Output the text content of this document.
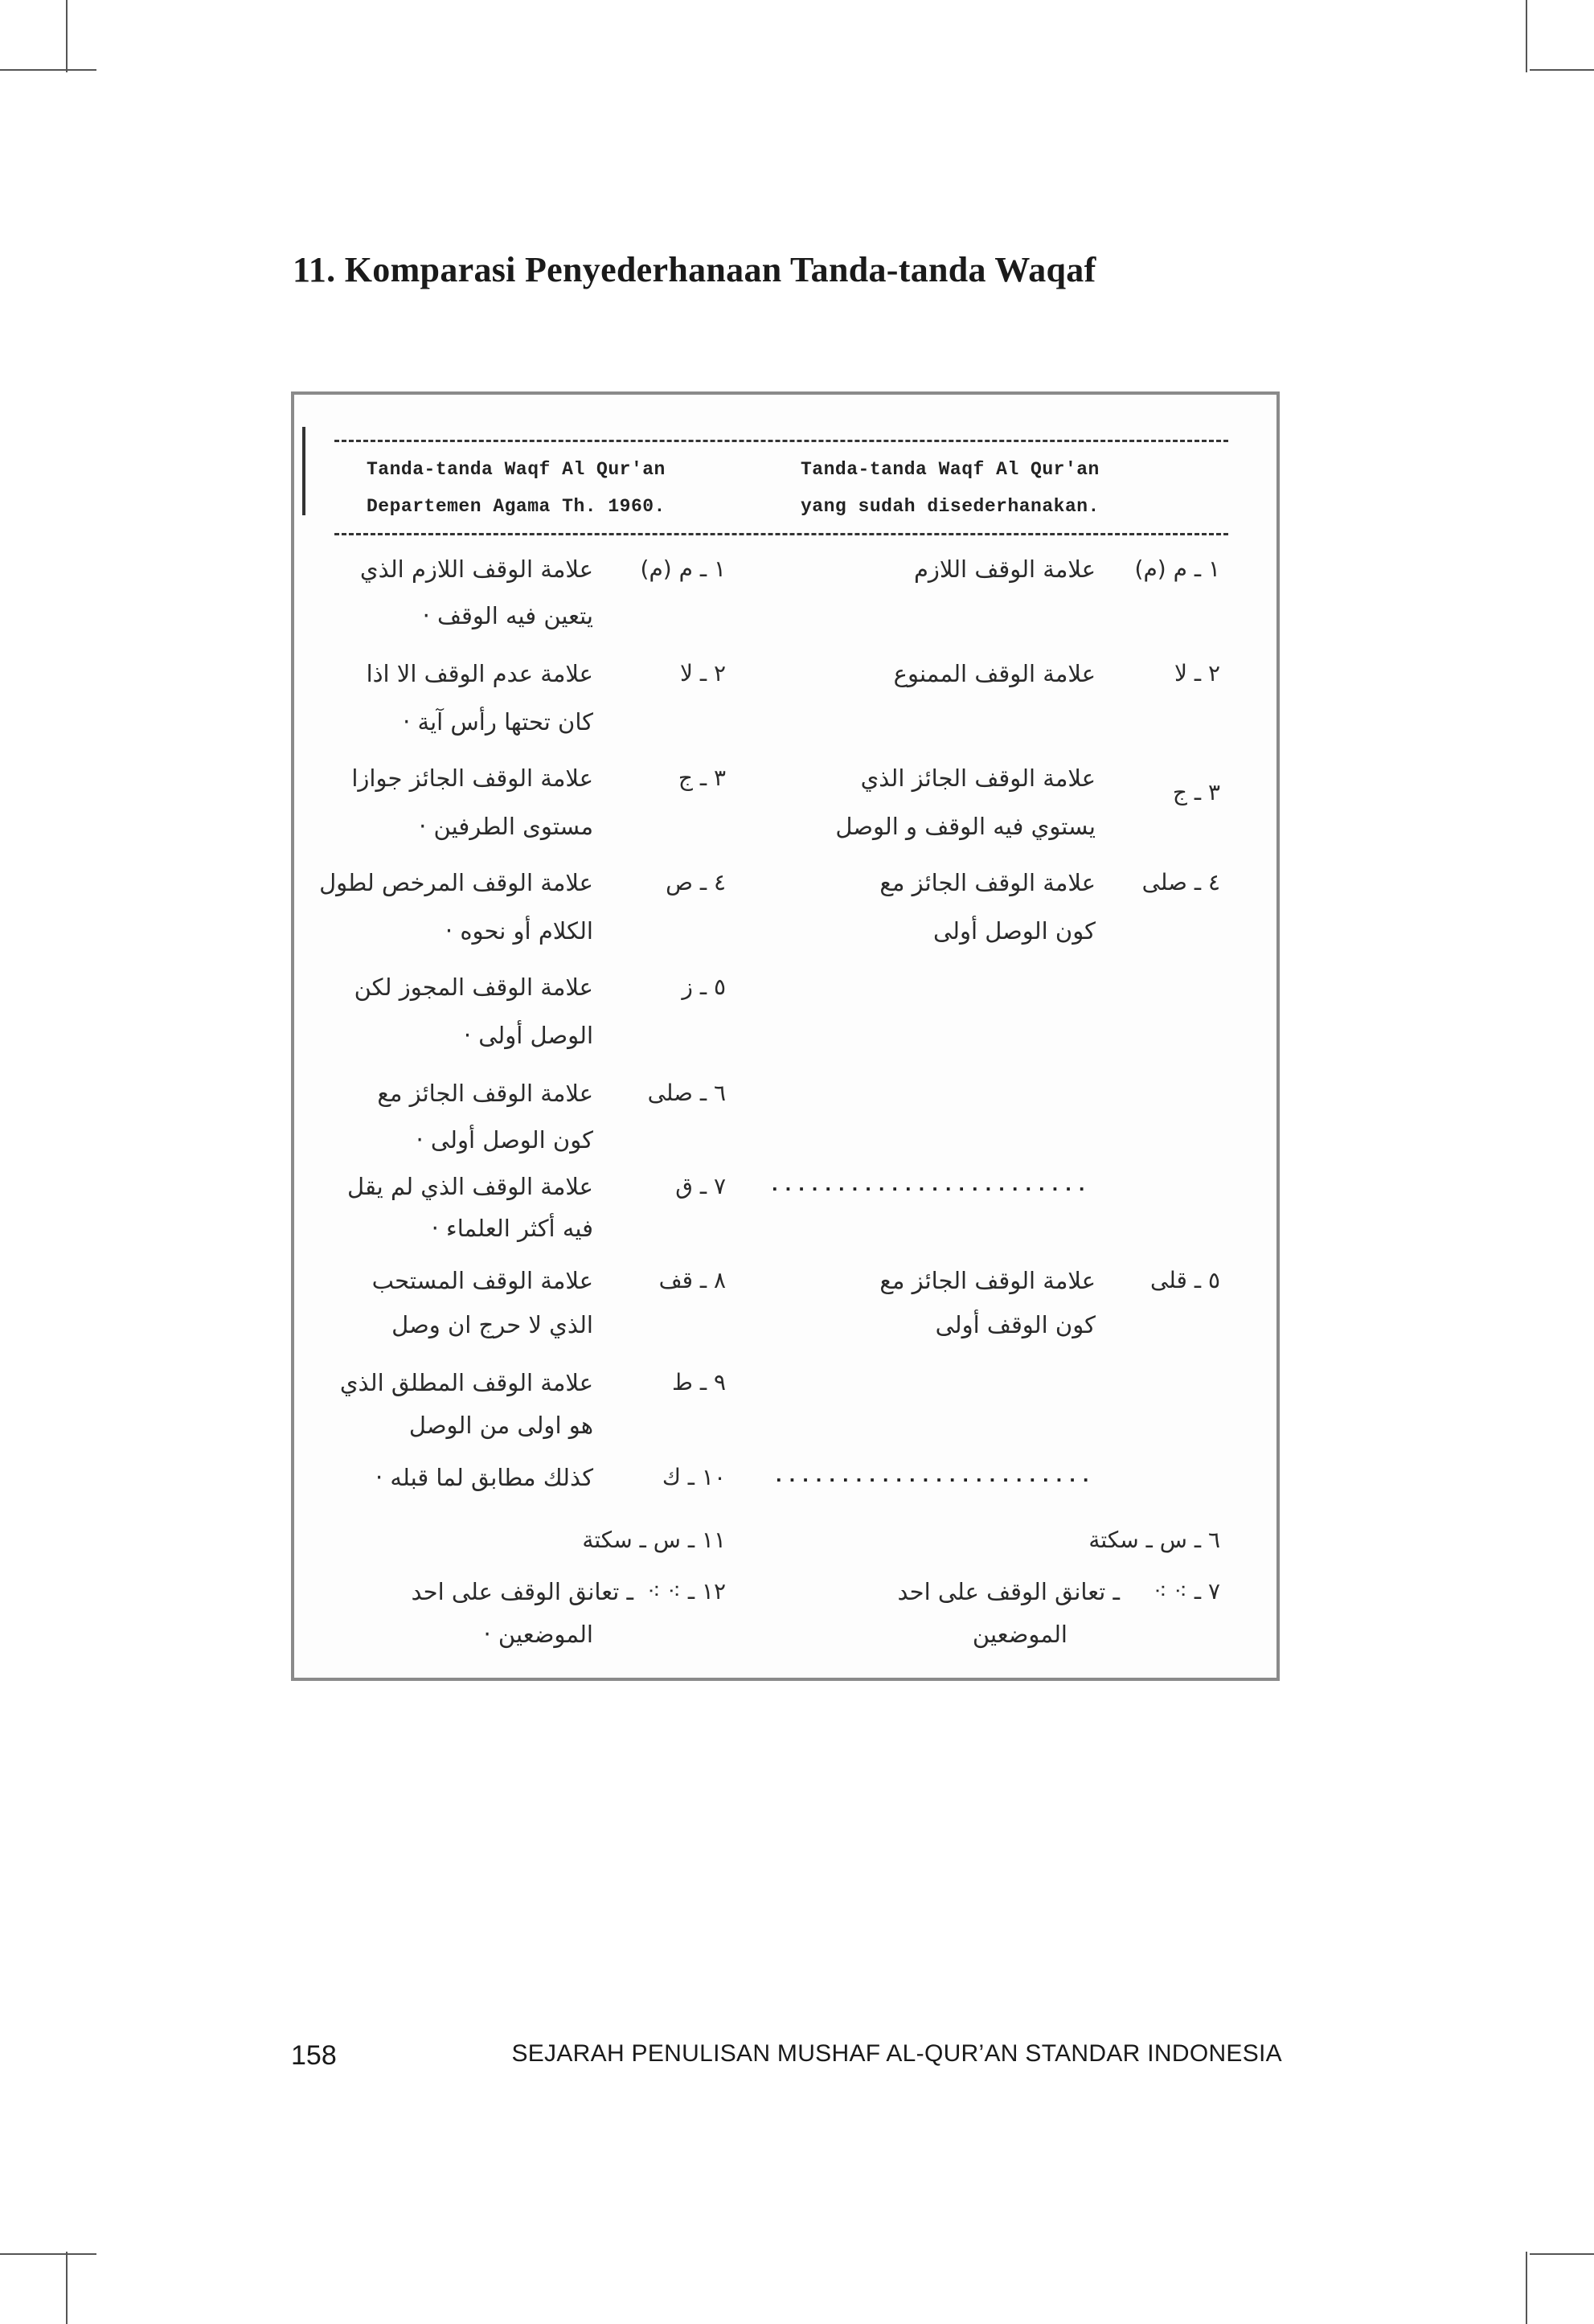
11. Komparasi Penyederhanaan Tanda-tanda Waqaf
Tanda-tanda Waqf Al Qur'an
Departemen Agama Th. 1960.
Tanda-tanda Waqf Al Qur'an
yang sudah disederhanakan.
١ ـ م (م)
علامة الوقف اللازم الذي
يتعين فيه الوقف ·
٢ ـ لا
علامة عدم الوقف الا اذا
كان تحتها رأس آية ·
٣ ـ ج
علامة الوقف الجائز جوازا
مستوى الطرفين ·
٤ ـ ص
علامة الوقف المرخص لطول
الكلام أو نحوه ·
٥ ـ ز
علامة الوقف المجوز لكن
الوصل أولى ·
٦ ـ صلى
علامة الوقف الجائز مع
كون الوصل أولى ·
٧ ـ ق
علامة الوقف الذي لم يقل
فيه أكثر العلماء ·
٨ ـ قف
علامة الوقف المستحب
الذي لا حرج ان وصل
٩ ـ ط
علامة الوقف المطلق الذي
هو اولى من الوصل
١٠ ـ ك
كذلك مطابق لما قبله ·
١١ ـ س ـ سكتة
١٢ ـ ⁖ ⁖
ـ تعانق الوقف على احد
الموضعين ·
١ ـ م (م)
علامة الوقف اللازم
٢ ـ لا
علامة الوقف الممنوع
٣ ـ ج
علامة الوقف الجائز الذي
يستوي فيه الوقف و الوصل
٤ ـ صلى
علامة الوقف الجائز مع
كون الوصل أولى
........................
٥ ـ قلى
علامة الوقف الجائز مع
كون الوقف أولى
........................
٦ ـ س ـ سكتة
٧ ـ ⁖ ⁖
ـ تعانق الوقف على احد
الموضعين
158	SEJARAH PENULISAN MUSHAF AL-QUR’AN STANDAR INDONESIA
